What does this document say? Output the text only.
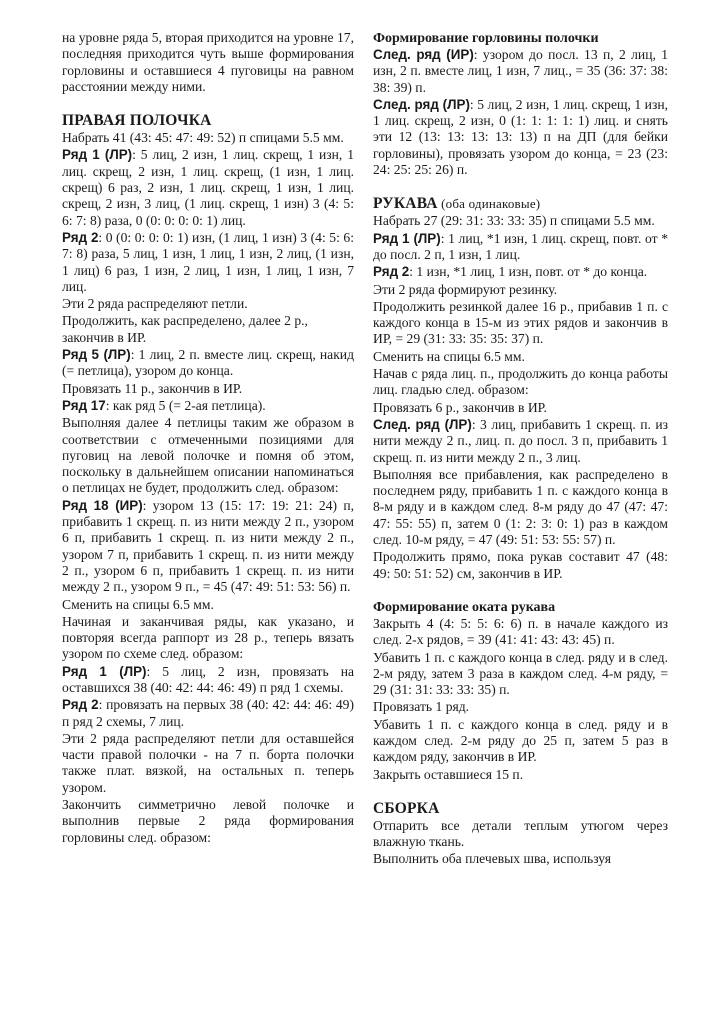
на уровне ряда 5, вторая приходится на уровне 17, последняя приходится чуть выше формирования горловины и оставшиеся 4 пуговицы на равном расстоянии между ними.

ПРАВАЯ ПОЛОЧКА

Набрать 41 (43: 45: 47: 49: 52) п спицами 5.5 мм.

Ряд 1 (ЛР): 5 лиц, 2 изн, 1 лиц. скрещ, 1 изн, 1 лиц. скрещ, 2 изн, 1 лиц. скрещ, (1 изн, 1 лиц. скрещ) 6 раз, 2 изн, 1 лиц. скрещ, 1 изн, 1 лиц. скрещ, 2 изн, 3 лиц, (1 лиц. скрещ, 1 изн) 3 (4: 5: 6: 7: 8) раза, 0 (0: 0: 0: 0: 1) лиц.

Ряд 2: 0 (0: 0: 0: 0: 1) изн, (1 лиц, 1 изн) 3 (4: 5: 6: 7: 8) раза, 5 лиц, 1 изн, 1 лиц, 1 изн, 2 лиц, (1 изн, 1 лиц) 6 раз, 1 изн, 2 лиц, 1 изн, 1 лиц, 1 изн, 7 лиц.

Эти 2 ряда распределяют петли.

Продолжить, как распределено, далее 2 р., закончив в ИР.

Ряд 5 (ЛР): 1 лиц, 2 п. вместе лиц. скрещ, накид (= петлица), узором до конца.

Провязать 11 р., закончив в ИР.

Ряд 17: как ряд 5 (= 2-ая петлица).

Выполняя далее 4 петлицы таким же образом в соответствии с отмеченными позициями для пуговиц на левой полочке и помня об этом, поскольку в дальнейшем описании напоминаться о петлицах не будет, продолжить след. образом:

Ряд 18 (ИР): узором 13 (15: 17: 19: 21: 24) п, прибавить 1 скрещ. п. из нити между 2 п., узором 6 п, прибавить 1 скрещ. п. из нити между 2 п., узором 7 п, прибавить 1 скрещ. п. из нити между 2 п., узором 6 п, прибавить 1 скрещ. п. из нити между 2 п., узором 9 п., = 45 (47: 49: 51: 53: 56) п.

Сменить на спицы 6.5 мм.

Начиная и заканчивая ряды, как указано, и повторяя всегда раппорт из 28 р., теперь вязать узором по схеме след. образом:

Ряд 1 (ЛР): 5 лиц, 2 изн, провязать на оставшихся 38 (40: 42: 44: 46: 49) п ряд 1 схемы.

Ряд 2: провязать на первых 38 (40: 42: 44: 46: 49) п ряд 2 схемы, 7 лиц.

Эти 2 ряда распределяют петли для оставшейся части правой полочки - на 7 п. борта полочки также плат. вязкой, на остальных п. теперь узором.

Закончить симметрично левой полочке и выполнив первые 2 ряда формирования горловины след. образом:

Формирование горловины полочки

След. ряд (ИР): узором до посл. 13 п, 2 лиц, 1 изн, 2 п. вместе лиц, 1 изн, 7 лиц., = 35 (36: 37: 38: 38: 39) п.

След. ряд (ЛР): 5 лиц, 2 изн, 1 лиц. скрещ, 1 изн, 1 лиц. скрещ, 2 изн, 0 (1: 1: 1: 1: 1) лиц. и снять эти 12 (13: 13: 13: 13: 13) п на ДП (для бейки горловины), провязать узором до конца, = 23 (23: 24: 25: 25: 26) п.

РУКАВА (оба одинаковые)

Набрать 27 (29: 31: 33: 33: 35) п спицами 5.5 мм.

Ряд 1 (ЛР): 1 лиц, *1 изн, 1 лиц. скрещ, повт. от * до посл. 2 п, 1 изн, 1 лиц.

Ряд 2: 1 изн, *1 лиц, 1 изн, повт. от * до конца.

Эти 2 ряда формируют резинку.

Продолжить резинкой далее 16 р., прибавив 1 п. с каждого конца в 15-м из этих рядов и закончив в ИР, = 29 (31: 33: 35: 35: 37) п.

Сменить на спицы 6.5 мм.

Начав с ряда лиц. п., продолжить до конца работы лиц. гладью след. образом:

Провязать 6 р., закончив в ИР.

След. ряд (ЛР): 3 лиц, прибавить 1 скрещ. п. из нити между 2 п., лиц. п. до посл. 3 п, прибавить 1 скрещ. п. из нити между 2 п., 3 лиц.

Выполняя все прибавления, как распределено в последнем ряду, прибавить 1 п. с каждого конца в 8-м ряду и в каждом след. 8-м ряду до 47 (47: 47: 47: 55: 55) п, затем 0 (1: 2: 3: 0: 1) раз в каждом след. 10-м ряду, = 47 (49: 51: 53: 55: 57) п.

Продолжить прямо, пока рукав составит 47 (48: 49: 50: 51: 52) см, закончив в ИР.

Формирование оката рукава

Закрыть 4 (4: 5: 5: 6: 6) п. в начале каждого из след. 2-х рядов, = 39 (41: 41: 43: 43: 45) п.

Убавить 1 п. с каждого конца в след. ряду и в след. 2-м ряду, затем 3 раза в каждом след. 4-м ряду, = 29 (31: 31: 33: 33: 35) п.

Провязать 1 ряд.

Убавить 1 п. с каждого конца в след. ряду и в каждом след. 2-м ряду до 25 п, затем 5 раз в каждом ряду, закончив в ИР.

Закрыть оставшиеся 15 п.

СБОРКА

Отпарить все детали теплым утюгом через влажную ткань.

Выполнить оба плечевых шва, используя
